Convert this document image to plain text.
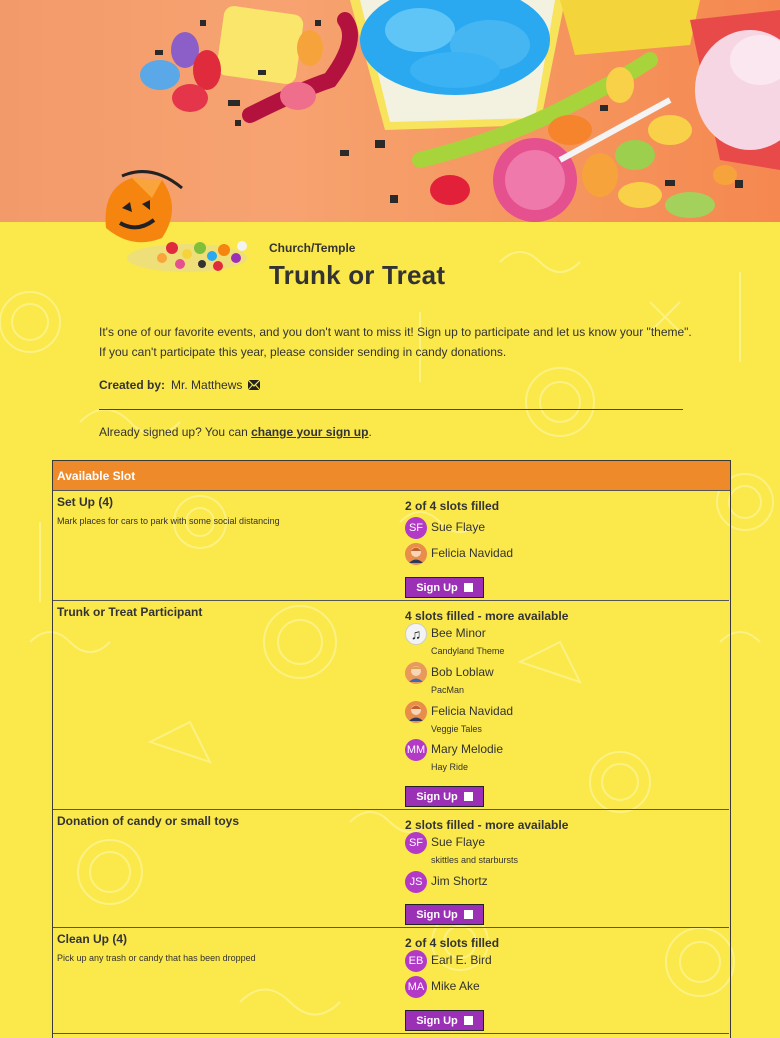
Church/Temple
Trunk or Treat
It's one of our favorite events, and you don't want to miss it! Sign up to participate and let us know your "theme". If you can't participate this year, please consider sending in candy donations.
Created by: Mr. Matthews
Already signed up? You can change your sign up.
Available Slot
Set Up (4)
Mark places for cars to park with some social distancing
2 of 4 slots filled
SF Sue Flaye
Felicia Navidad
Sign Up
Trunk or Treat Participant	4 slots filled - more available
♫ Bee Minor
Candyland Theme
Bob Loblaw
PacMan
Felicia Navidad
Veggie Tales
MM Mary Melodie
Hay Ride
Sign Up
Donation of candy or small toys	2 slots filled - more available
SF Sue Flaye
skittles and starbursts
JS Jim Shortz
Sign Up
Clean Up (4)
Pick up any trash or candy that has been dropped
2 of 4 slots filled
EB Earl E. Bird
MA Mike Ake
Sign Up
